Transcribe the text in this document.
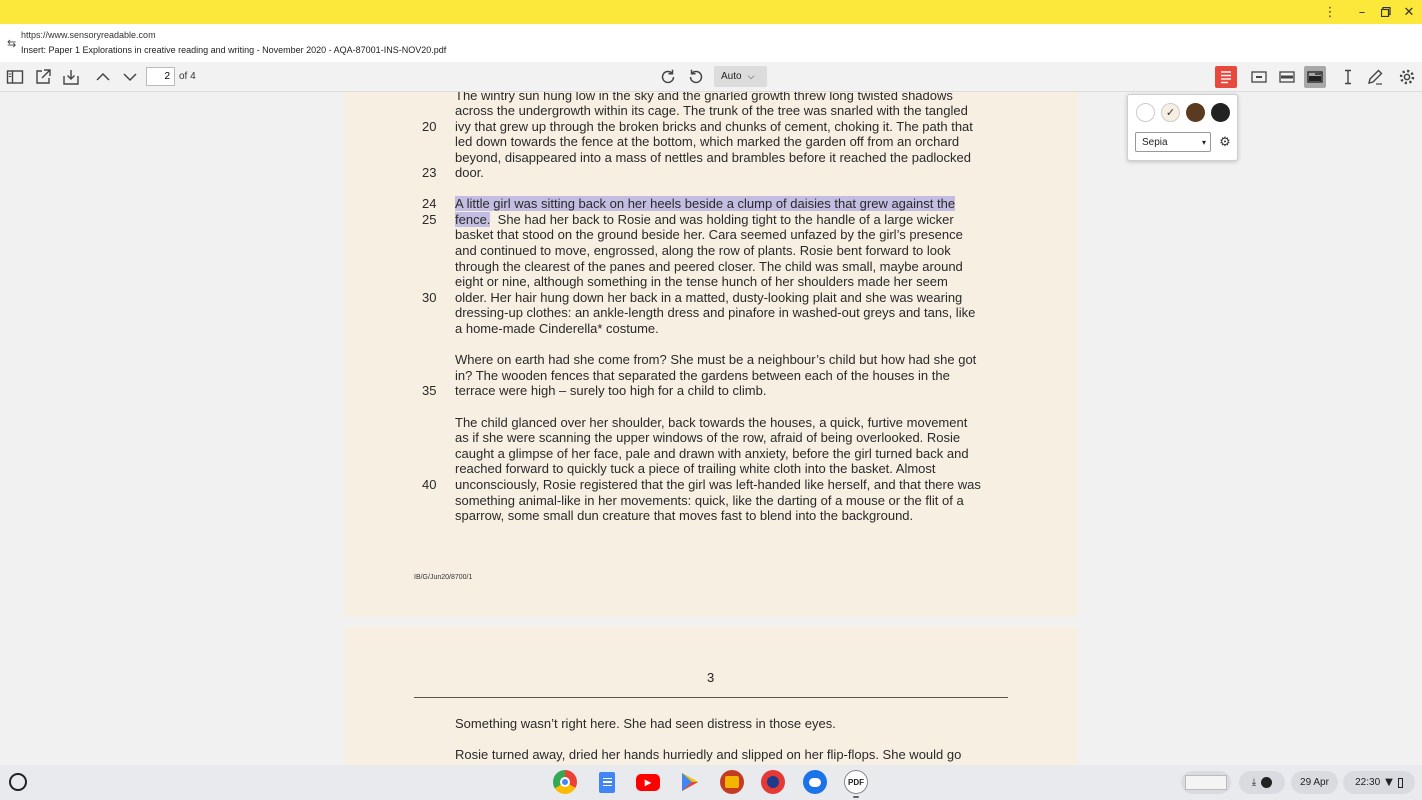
⋮	–	✕
⇆
https://www.sensoryreadable.com
Insert: Paper 1 Explorations in creative reading and writing - November 2020 - AQA-87001-INS-NOV20.pdf
2
of 4	Auto ⌵
The wintry sun hung low in the sky and the gnarled growth threw long twisted shadows
across the undergrowth within its cage. The trunk of the tree was snarled with the tangled
20 ivy that grew up through the broken bricks and chunks of cement, choking it. The path that
led down towards the fence at the bottom, which marked the garden off from an orchard
beyond, disappeared into a mass of nettles and brambles before it reached the padlocked
23 door.
24 A little girl was sitting back on her heels beside a clump of daisies that grew against the
25 fence. She had her back to Rosie and was holding tight to the handle of a large wicker
basket that stood on the ground beside her. Cara seemed unfazed by the girl’s presence
and continued to move, engrossed, along the row of plants. Rosie bent forward to look
through the clearest of the panes and peered closer. The child was small, maybe around
eight or nine, although something in the tense hunch of her shoulders made her seem
30 older. Her hair hung down her back in a matted, dusty-looking plait and she was wearing
dressing-up clothes: an ankle-length dress and pinafore in washed-out greys and tans, like
a home-made Cinderella* costume.
Where on earth had she come from? She must be a neighbour’s child but how had she got
in? The wooden fences that separated the gardens between each of the houses in the
35 terrace were high – surely too high for a child to climb.
The child glanced over her shoulder, back towards the houses, a quick, furtive movement
as if she were scanning the upper windows of the row, afraid of being overlooked. Rosie
caught a glimpse of her face, pale and drawn with anxiety, before the girl turned back and
reached forward to quickly tuck a piece of trailing white cloth into the basket. Almost
40 unconsciously, Rosie registered that the girl was left-handed like herself, and that there was
something animal-like in her movements: quick, like the darting of a mouse or the flit of a
sparrow, some small dun creature that moves fast to blend into the background.
IB/G/Jun20/8700/1
3
Something wasn’t right here. She had seen distress in those eyes.
Rosie turned away, dried her hands hurriedly and slipped on her flip-flops. She would go
✓
Sepia	▾ ⚙
▶	PDF	⤓	29 Apr	22:30 ▼
